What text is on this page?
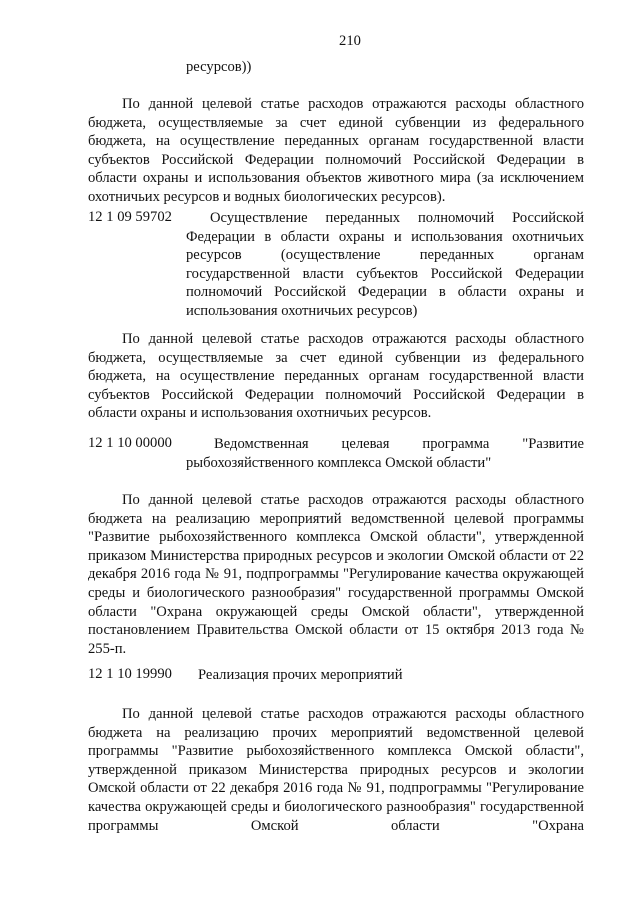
210
ресурсов))

По данной целевой статье расходов отражаются расходы областного бюджета, осуществляемые за счет единой субвенции из федерального бюджета, на осуществление переданных органам государственной власти субъектов Российской Федерации полномочий Российской Федерации в области охраны и использования объектов животного мира (за исключением охотничьих ресурсов и водных биологических ресурсов).

12 1 09 59702	Осуществление переданных полномочий Российской Федерации в области охраны и использования охотничьих ресурсов (осуществление переданных органам государственной власти субъектов Российской Федерации полномочий Российской Федерации в области охраны и использования охотничьих ресурсов)

По данной целевой статье расходов отражаются расходы областного бюджета, осуществляемые за счет единой субвенции из федерального бюджета, на осуществление переданных органам государственной власти субъектов Российской Федерации полномочий Российской Федерации в области охраны и использования охотничьих ресурсов.

12 1 10 00000	Ведомственная целевая программа "Развитие рыбохозяйственного комплекса Омской области"

По данной целевой статье расходов отражаются расходы областного бюджета на реализацию мероприятий ведомственной целевой программы "Развитие рыбохозяйственного комплекса Омской области", утвержденной приказом Министерства природных ресурсов и экологии Омской области от 22 декабря 2016 года № 91, подпрограммы "Регулирование качества окружающей среды и биологического разнообразия" государственной программы Омской области "Охрана окружающей среды Омской области", утвержденной постановлением Правительства Омской области от 15 октября 2013 года № 255-п.

12 1 10 19990 Реализация прочих мероприятий

По данной целевой статье расходов отражаются расходы областного бюджета на реализацию прочих мероприятий ведомственной целевой программы "Развитие рыбохозяйственного комплекса Омской области", утвержденной приказом Министерства природных ресурсов и экологии Омской области от 22 декабря 2016 года № 91, подпрограммы "Регулирование качества окружающей среды и биологического разнообразия" государственной программы Омской области "Охрана
